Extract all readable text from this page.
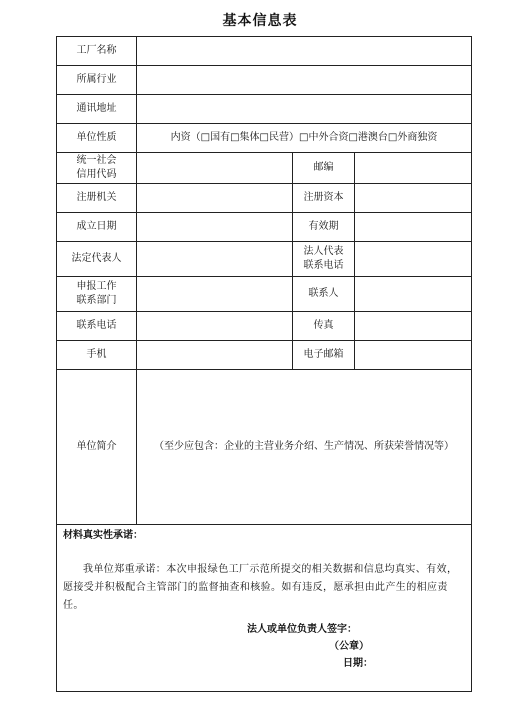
基本信息表
工厂名称			
所属行业			
通讯地址			
单位性质	内资（□国有□集体□民营）□中外合资□港澳台□外商独资		
统一社会
信用代码		邮编	
注册机关		注册资本	
成立日期		有效期	
法定代表人		法人代表
联系电话	
申报工作
联系部门		联系人	
联系电话		传真	
手机		电子邮箱	
单位简介	（至少应包含：企业的主营业务介绍、生产情况、所获荣誉情况等）		

材料真实性承诺：
我单位郑重承诺：本次申报绿色工厂示范所提交的相关数据和信息均真实、有效，愿接受并积极配合主管部门的监督抽查和核验。如有违反，愿承担由此产生的相应责任。
法人或单位负责人签字：
（公章）
日期：			
